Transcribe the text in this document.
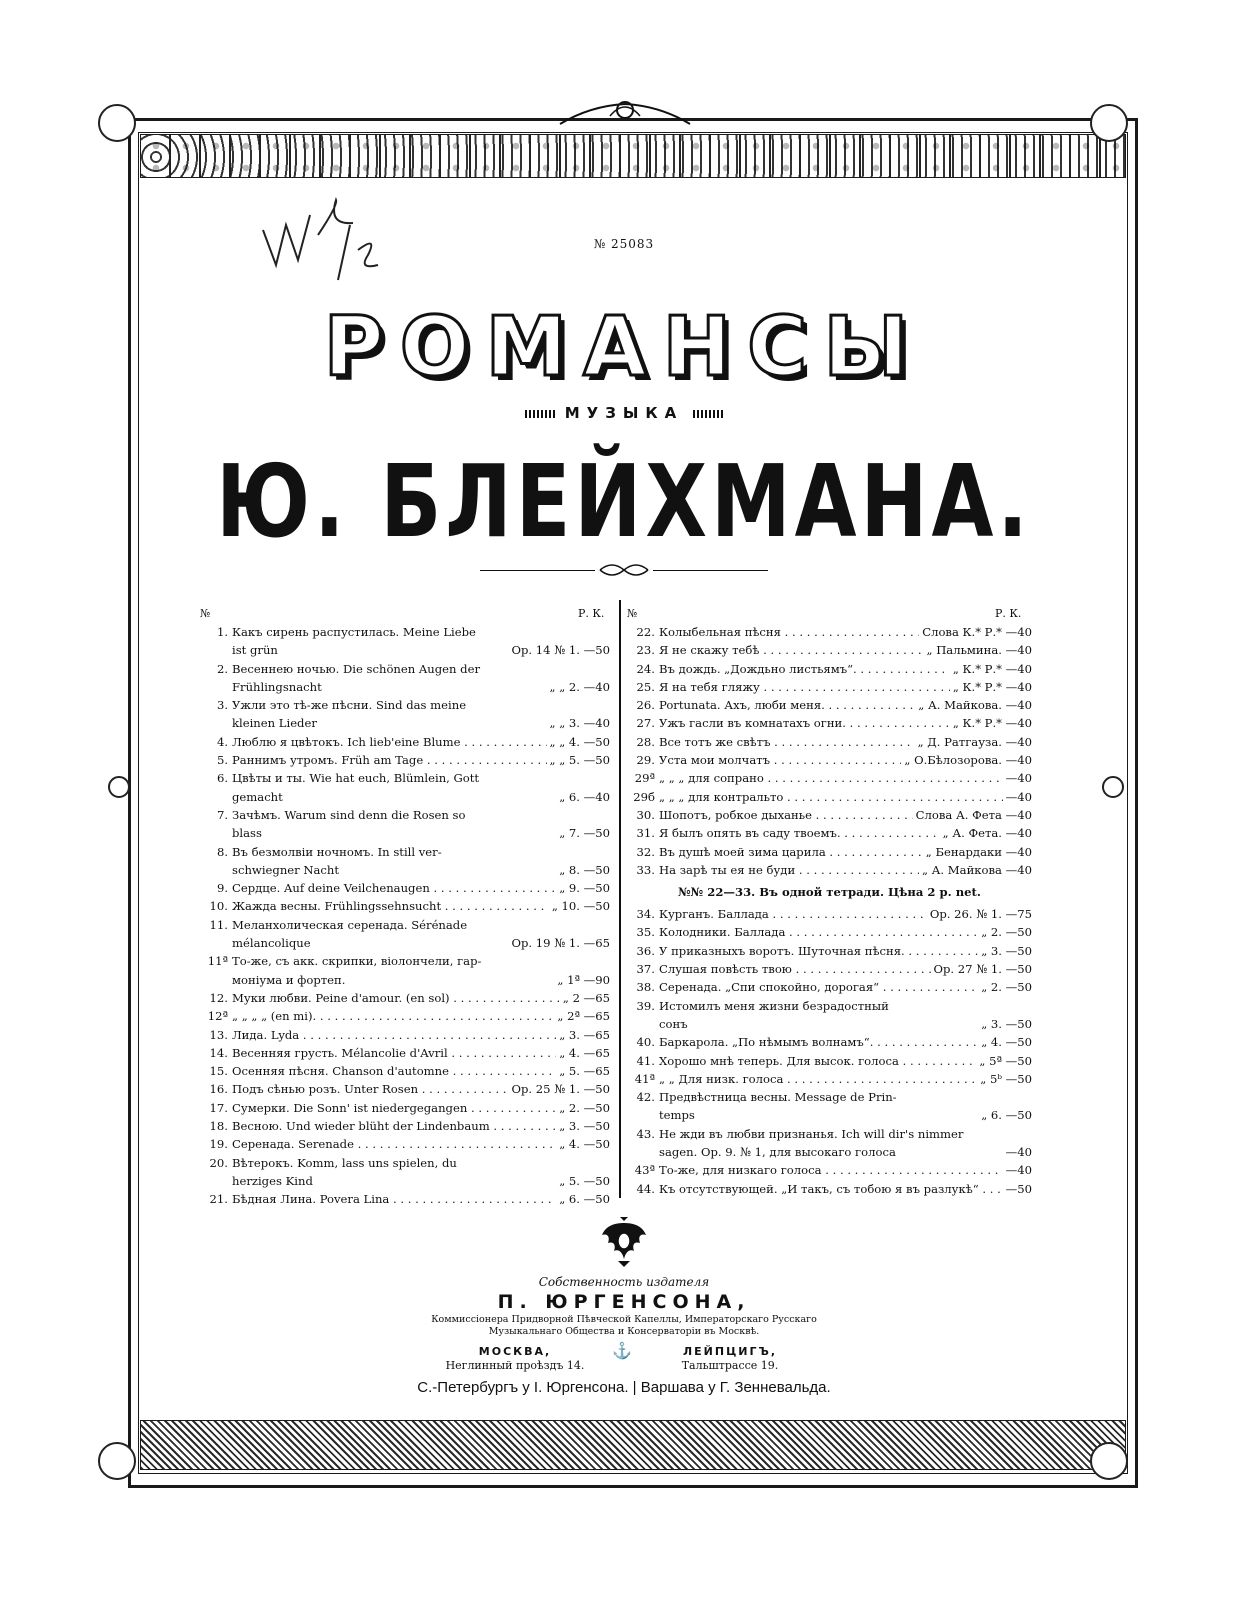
№ 25083
РОМАНСЫ
МУЗЫКА
Ю. БЛЕЙХМАНА.
№	Р. К. №	Р. К.
1. Какъ сирень распустилась. Meine Liebe
ist grün	Op. 14 № 1. —50
2. Весеннею ночью. Die schönen Augen der
Frühlingsnacht	„ „ 2. —40
3. Ужли это тѣ-же пѣсни. Sind das meine
kleinen Lieder	„ „ 3. —40
4. Люблю я цвѣтокъ. Ich lieb'eine Blume . . .	„ „ 4. —50
5. Раннимъ утромъ. Früh am Tage . . .	„ „ 5. —50
6. Цвѣты и ты. Wie hat euch, Blümlein, Gott
gemacht	„ 6. —40
7. Зачѣмъ. Warum sind denn die Rosen so
blass	„ 7. —50
8. Въ безмолвіи ночномъ. In still ver-
schwiegner Nacht	„ 8. —50
9. Сердце. Auf deine Veilchenaugen . . .	„ 9. —50
10. Жажда весны. Frühlingssehnsucht . . .	„ 10. —50
11. Меланхолическая серенада. Sérénade
mélancolique	Op. 19 № 1. —65
11ª То-же, съ акк. скрипки, віолончели, гар-
моніума и фортеп.	„ 1ª —90
12. Муки любви. Peine d'amour. (en sol) . . .	„ 2 —65
12ª „ „ „ „ (en mi). . . .	„ 2ª —65
13. Лида. Lyda . . .	„ 3. —65
14. Весенняя грусть. Mélancolie d'Avril . . .	„ 4. —65
15. Осенняя пѣсня. Chanson d'automne . . .	„ 5. —65
16. Подъ сѣнью розъ. Unter Rosen . . .	Op. 25 № 1. —50
17. Сумерки. Die Sonn' ist niedergegangen . . .	„ 2. —50
18. Весною. Und wieder blüht der Lindenbaum . . .	„ 3. —50
19. Серенада. Serenade . . .	„ 4. —50
20. Вѣтерокъ. Komm, lass uns spielen, du
herziges Kind	„ 5. —50
21. Бѣдная Лина. Povera Lina . . .	„ 6. —50
22. Колыбельная пѣсня . . .	Слова К.* Р.* —40
23. Я не скажу тебѣ . . .	„ Пальмина. —40
24. Въ дождь. „Дождьно листьямъ“. . . .	„ К.* Р.* —40
25. Я на тебя гляжу . . .	„ К.* Р.* —40
26. Portunata. Ахъ, люби меня. . . .	„ А. Майкова. —40
27. Ужъ гасли въ комнатахъ огни. . . .	„ К.* Р.* —40
28. Все тотъ же свѣтъ . . .	„ Д. Ратгауза. —40
29. Уста мои молчатъ . . .	„ О.Бѣлозорова. —40
29ª „ „ „ для сопрано . . .	—40
29б „ „ „ для контральто . . .	—40
30. Шопотъ, робкое дыханье . . .	Слова А. Фета —40
31. Я былъ опять въ саду твоемъ. . . .	„ А. Фета. —40
32. Въ душѣ моей зима царила . . .	„ Бенардаки —40
33. На зарѣ ты ея не буди . . .	„ А. Майкова —40
№№ 22—33. Въ одной тетради. Цѣна 2 р. net.
34. Курганъ. Баллада . . .	Op. 26. № 1. —75
35. Колодники. Баллада . . .	„ 2. —50
36. У приказныхъ воротъ. Шуточная пѣсня. . . .	„ 3. —50
37. Слушая повѣсть твою . . .	Op. 27 № 1. —50
38. Серенада. „Спи спокойно, дорогая“ . . .	„ 2. —50
39. Истомилъ меня жизни безрадостный
сонъ	„ 3. —50
40. Баркарола. „По нѣмымъ волнамъ“. . . .	„ 4. —50
41. Хорошо мнѣ теперь. Для высок. голоса . . .	„ 5ª —50
41ª „ „ Для низк. голоса . . .	„ 5ᵇ —50
42. Предвѣстница весны. Message de Prin-
temps	„ 6. —50
43. Не жди въ любви признанья. Ich will dir's nimmer
sagen. Op. 9. № 1, для высокаго голоса	—40
43ª То-же, для низкаго голоса . . .	—40
44. Къ отсутствующей. „И такъ, съ тобою я въ разлукѣ“ . . . —50
Собственность издателя
П. ЮРГЕНСОНА,
Коммиссіонера Придворной Пѣвческой Капеллы, Императорскаго Русскаго
Музыкальнаго Общества и Консерваторіи въ Москвѣ.
МОСКВА,
Неглинный проѣздъ 14.
⚓	ЛЕЙПЦИГЪ,
Тальштрассе 19.
С.-Петербургъ у І. Юргенсона. | Варшава у Г. Зенневальда.
